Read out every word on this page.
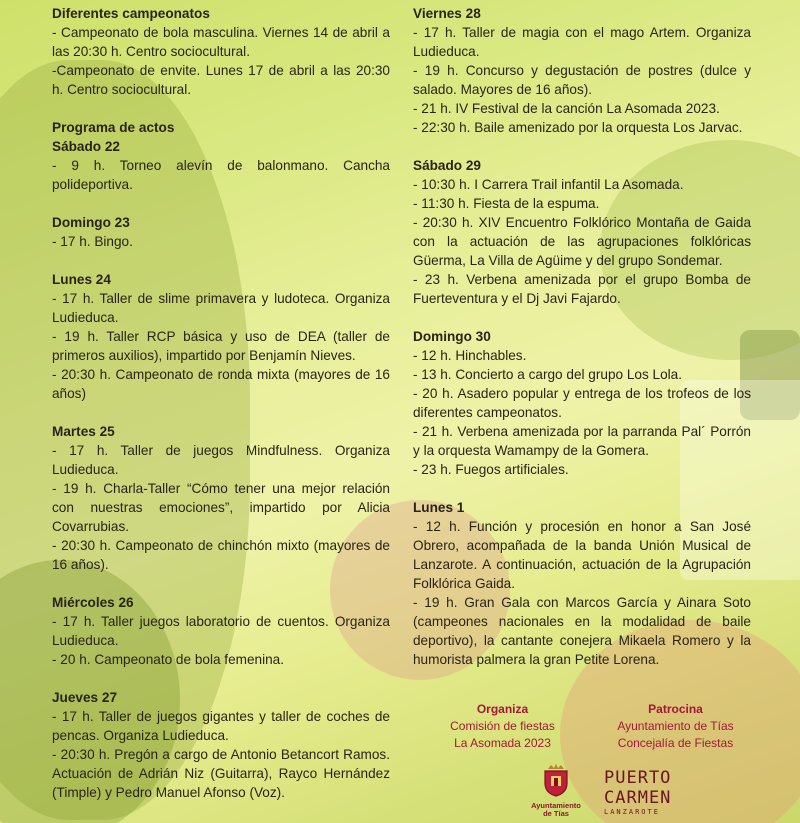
Diferentes campeonatos
- Campeonato de bola masculina. Viernes 14 de abril a las 20:30 h. Centro sociocultural.
-Campeonato de envite. Lunes 17 de abril a las 20:30 h. Centro sociocultural.
Programa de actos
Sábado 22
- 9 h. Torneo alevín de balonmano. Cancha polideportiva.
Domingo 23
- 17 h. Bingo.
Lunes 24
- 17 h. Taller de slime primavera y ludoteca. Organiza Ludieduca.
- 19 h. Taller RCP básica y uso de DEA (taller de primeros auxilios), impartido por Benjamín Nieves.
- 20:30 h. Campeonato de ronda mixta (mayores de 16 años)
Martes 25
- 17 h. Taller de juegos Mindfulness. Organiza Ludieduca.
- 19 h. Charla-Taller “Cómo tener una mejor relación con nuestras emociones”, impartido por Alicia Covarrubias.
- 20:30 h. Campeonato de chinchón mixto (mayores de 16 años).
Miércoles 26
- 17 h. Taller juegos laboratorio de cuentos. Organiza Ludieduca.
- 20 h. Campeonato de bola femenina.
Jueves 27
- 17 h. Taller de juegos gigantes y taller de coches de pencas. Organiza Ludieduca.
- 20:30 h. Pregón a cargo de Antonio Betancort Ramos. Actuación de Adrián Niz (Guitarra), Rayco Hernández (Timple) y Pedro Manuel Afonso (Voz).
Viernes 28
- 17 h. Taller de magia con el mago Artem. Organiza Ludieduca.
- 19 h. Concurso y degustación de postres (dulce y salado. Mayores de 16 años).
- 21 h. IV Festival de la canción La Asomada 2023.
- 22:30 h. Baile amenizado por la orquesta Los Jarvac.
Sábado 29
- 10:30 h. I Carrera Trail infantil La Asomada.
- 11:30 h. Fiesta de la espuma.
- 20:30 h. XIV Encuentro Folklórico Montaña de Gaida con la actuación de las agrupaciones folklóricas Güerma, La Villa de Agüime y del grupo Sondemar.
- 23 h. Verbena amenizada por el grupo Bomba de Fuerteventura y el Dj Javi Fajardo.
Domingo 30
- 12 h. Hinchables.
- 13 h. Concierto a cargo del grupo Los Lola.
- 20 h. Asadero popular y entrega de los trofeos de los diferentes campeonatos.
- 21 h. Verbena amenizada por la parranda Pal´ Porrón y la orquesta Wamampy de la Gomera.
- 23 h. Fuegos artificiales.
Lunes 1
- 12 h. Función y procesión en honor a San José Obrero, acompañada de la banda Unión Musical de Lanzarote. A continuación, actuación de la Agrupación Folklórica Gaida.
- 19 h. Gran Gala con Marcos García y Ainara Soto (campeones nacionales en la modalidad de baile deportivo), la cantante conejera Mikaela Romero y la humorista palmera la gran Petite Lorena.
Organiza
Comisión de fiestas
La Asomada 2023
Patrocina
Ayuntamiento de Tías
Concejalía de Fiestas
Ayuntamiento
de Tías
PUERTO
CARMEN
LANZAROTE
